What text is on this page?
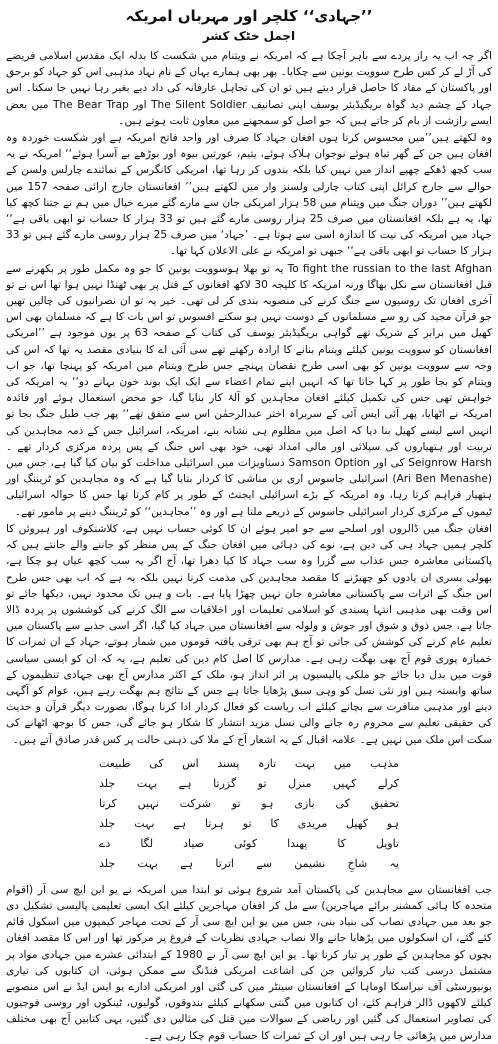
’’جہادی‘‘ کلچر اور مہرباں امریکہ
اجمل خٹک کشر

اگر چہ اب یہ راز پردے سے باہر آچکا ہے کہ امریکہ نے ویتنام میں شکست کا بدلہ ایک مقدس اسلامی فریضے کی آڑ لے کر کس طرح سوویت یونین سے چکایا۔ پھر بھی ہمارے یہاں کے نام نہاد مذہبی اس کو جہاد کو برحق اور پاکستان کے مفاد کا حاصل قرار دیتے ہیں تو ان کی تجاہل عارفانہ کی داد دیے بغیر رہا نہیں جا سکتا۔ اس جہاد کے چشم دید گواہ بریگیڈیئر یوسف اپنی تصانیف The Silent Soldier اور The Bear Trap میں بعض ایسے رازشت از بام کر جاتے ہیں کہ جو اصل کو سمجھنے میں معاون ثابت ہوتے ہیں۔

وہ لکھتے ہیں’’میں محسوس کرتا ہوں افغان جہاد کا صرف اور واحد فاتح امریکہ ہے اور شکست خوردہ وہ افغان ہیں جن کے گھر تباہ ہوئے نوجوان ہلاک ہوئے، یتیم، عورتیں بیوہ اور بوڑھے بے آسرا ہوئے‘‘ امریکہ نے یہ سب کچھ ڈھکے چھپے انداز میں نہیں کیا بلکہ بندوں کر رہا تھا، امریکی کانگرس کے نمائندے چارلس ولسن کے حوالے سے جارج کرائل اپنی کتاب چارلی ولسنز وار میں لکھتے ہیں’’ افغانستان جارج ارائی صفحہ 157 میں لکھتے ہیں’’ دوران جنگ میں ویتنام میں 58 ہزار امریکی جان سے مارے گئے میرے خیال میں ہم نے جتنا کچھ کیا تھا، یہ ہے بلکہ افغانستان میں صرف 25 ہزار روسی مارے گئے ہیں تو 33 ہزار کا حساب تو ابھی باقی ہے‘‘ جہاد میں امریکہ کی نیت کا اندازہ اسی سے ہوتا ہے۔ ’جہاد‘ میں صرف 25 ہزار روسی مارے گئے ہیں تو 33 ہزار کا حساب تو ابھی باقی ہے‘‘ جبھی تو امریکہ نے علی الاعلان کہا تھا۔

To fight the russian to the last Afghan یہ تو بھلا ہوسوویت یونین کا جو وہ مکمل طور پر بکھرنے سے قبل افغانستان سے نکل بھاگا ورنہ امریکہ کا کلیجہ 30 لاکھ افغانوں کے قتل پر بھی ٹھنڈا نہیں ہوا تھا اس نے تو آخری افغان تک روسیوں سے جنگ کرنے کی منصوبہ بندی کر لی تھی۔ خیر یہ تو ان نصرانیوں کی چالیں تھیں جو قرآن مجید کی رو سے مسلمانوں کے دوست نہیں ہو سکتے افسوس تو اس بات کا ہے کہ مسلمان بھی اس کھیل میں برابر کے شریک تھے گواہی بریگیڈیئر یوسف کی کتاب کے صفحہ 63 پر یوں موجود ہے ’’امریکی افغانستان کو سوویت یونین کیلئے ویتنام بنانے کا ارادہ رکھتے تھے سی آئی اے کا بنیادی مقصد یہ تھا کہ اس کی وجہ سے سوویت یونین کو بھی اسی طرح نقصان پہنچے جس طرح ویتنام میں امریکہ کو پہنچا تھا، جو اب ویتنام کو بجا طور پر کہا جاتا تھا کہ انہیں اپنے تمام اعضاء سے ایک ایک بوند خون بہانے دو‘‘ یہ امریکہ کی خواہش تھی جس کی تکمیل کیلئے افغان مجاہدین کو آلۂ کار بنایا گیا، جو محض استعمال ہوئے اور فائدہ امریکہ نے اٹھایا، پھر آئی ایس آئی کے سربراہ اختر عبدالرحمٰن اس سے متفق تھے‘‘ پھر جب طبل جنگ بجا تو انہیں اسے لیسے کھیل بنا دیا کہ اصل میں مظلوم ہی نشانہ بنے، امریکہ، اسرائیل جس کے ذمہ مجاہدین کی تربیت اور ہتھیاروں کی سپلائی اور مالی امداد تھی، خود بھی اس جنگ کے پس پردہ مرکزی کردار تھے ۔ Seignrow Harsh کی اور Samson Option دستاویزات میں اسرائیلی مداخلت کو بیان کیا گیا ہے، جس میں (Ari Ben Menashe) اسرائیلی جاسوس اری بن مناشی کا کردار بتایا گیا ہے کہ وہ مجاہدین کو ٹریننگ اور ہتھیار فراہم کرتا رہا، وہ امریکہ کے بڑے اسرائیلی ایجنٹ کے طور پر کام کرتا تھا جس کا حوالہ اسرائیلی ٹیموں کے مرکزی کردار اسرائیلی جاسوس کے ذریعے ملتا ہے اور وہ ’’مجاہدین‘‘ کو ٹریننگ دینے پر مامور تھے۔

افغان جنگ میں ڈالروں اور اسلحے سے جو امیر ہوئے ان کا کوئی حساب نہیں ہے، کلاشنکوف اور ہیروئن کا کلچر ہمیں جہاد ہی کی دین ہے، نوے کی دہائی میں افغان جنگ کے پس منظر کو جاننے والے جانتے ہیں کہ پاکستانی معاشرہ جس عذاب سے گزرا وہ سب جہاد کا کیا دھرا تھا، آج اگر یہ سب کچھ عیاں ہو چکا ہے، بھولی بسری ان یادوں کو چھیڑنے کا مقصد مجاہدین کی مذمت کرنا نہیں بلکہ یہ ہے کہ اب بھی جس طرح اس جنگ کے اثرات سے پاکستانی معاشرہ جان نہیں چھڑا پایا ہے۔ بات و ہیں تک محدود نہیں، دیکھا جائے تو اس وقت بھی مذہبی انتہا پسندی کو اسلامی تعلیمات اور اخلاقیات سے الگ کرنے کی کوششوں پر پردہ ڈالا جاتا ہے، جس ذوق و شوق اور جوش و ولولہ سے افغانستان میں جہاد کیا گیا، اگر اسی جذبے سے پاکستان میں تعلیم عام کرنے کی کوشش کی جاتی تو آج ہم بھی ترقی یافتہ قوموں میں شمار ہوتے، جہاد کے ان ثمرات کا خمیازہ پوری قوم آج بھی بھگت رہی ہے۔ مدارس کا اصل کام دین کی تعلیم ہے، یہ کہ ان کو ایسی سیاسی قوت میں بدل دیا جائے جو ملکی پالیسیوں پر اثر انداز ہو، ملک کے اکثر مدارس آج بھی جہادی تنظیموں کے ساتھ وابستہ ہیں اور نئی نسل کو وہی سبق پڑھایا جاتا ہے جس کے نتائج ہم بھگت رہے ہیں، عوام کو آگہی دینے اور مذہبی منافرت سے بچانے کیلئے اب ریاست کو فعال کردار ادا کرنا ہوگا، بصورت دیگر قرآن و حدیث کی حقیقی تعلیم سے محروم رہ جانے والی نسل مزید انتشار کا شکار ہو جائے گی، جس کا بوجھ اٹھانے کی سکت اس ملک میں نہیں ہے۔ علامہ اقبال کے یہ اشعار آج کے ملا کی ذہنی حالت پر کس قدر صادق آتے ہیں۔

مذہب میں بہت تازہ پسند اس کی طبیعت
کرلے کہیں منزل تو گزرتا ہے بہت جلد
تحقیق کی بازی ہو تو شرکت نہیں کرتا
ہو کھیل مریدی کا تو ہرتا ہے بہت جلد
تاویل کا پھندا کوئی صیاد لگا دے
یہ شاخِ نشیمن سے اترتا ہے بہت جلد

جب افغانستان سے مجاہدین کی پاکستان آمد شروع ہوئی تو ابتدا میں امریکہ نے یو این ایچ سی آر (اقوام متحدہ کا ہائی کمشنر برائے مہاجرین) سے مل کر افغان مہاجرین کیلئے ایک ایسی تعلیمی پالیسی تشکیل دی جو بعد میں جہادی نصاب کی بنیاد بنی، جس میں یو این ایچ سی آر کے تحت مہاجر کیمپوں میں اسکول قائم کئے گئے، ان اسکولوں میں پڑھایا جانے والا نصاب جہادی نظریات کے فروغ پر مرکوز تھا اور اس کا مقصد افغان بچوں کو مجاہدین کے طور پر تیار کرنا تھا۔ یو این ایچ سی آر نے 1980 کے ابتدائی عشرے میں جہادی مواد پر مشتمل درسی کتب تیار کروائیں جن کی اشاعت امریکی فنڈنگ سے ممکن ہوئی، ان کتابوں کی تیاری یونیورسٹی آف نبراسکا اوماہا کے افغانستان سینٹر میں کی گئی اور امریکی ادارے یو ایس ایڈ نے اس منصوبے کیلئے لاکھوں ڈالر فراہم کئے، ان کتابوں میں گنتی سکھانے کیلئے بندوقوں، گولیوں، ٹینکوں اور روسی فوجیوں کی تصاویر استعمال کی گئیں اور ریاضی کے سوالات میں قتل کی مثالیں دی گئیں، یہی کتابیں آج بھی مختلف مدارس میں پڑھائی جا رہی ہیں اور ان کے ثمرات کا حساب قوم چکا رہی ہے۔
